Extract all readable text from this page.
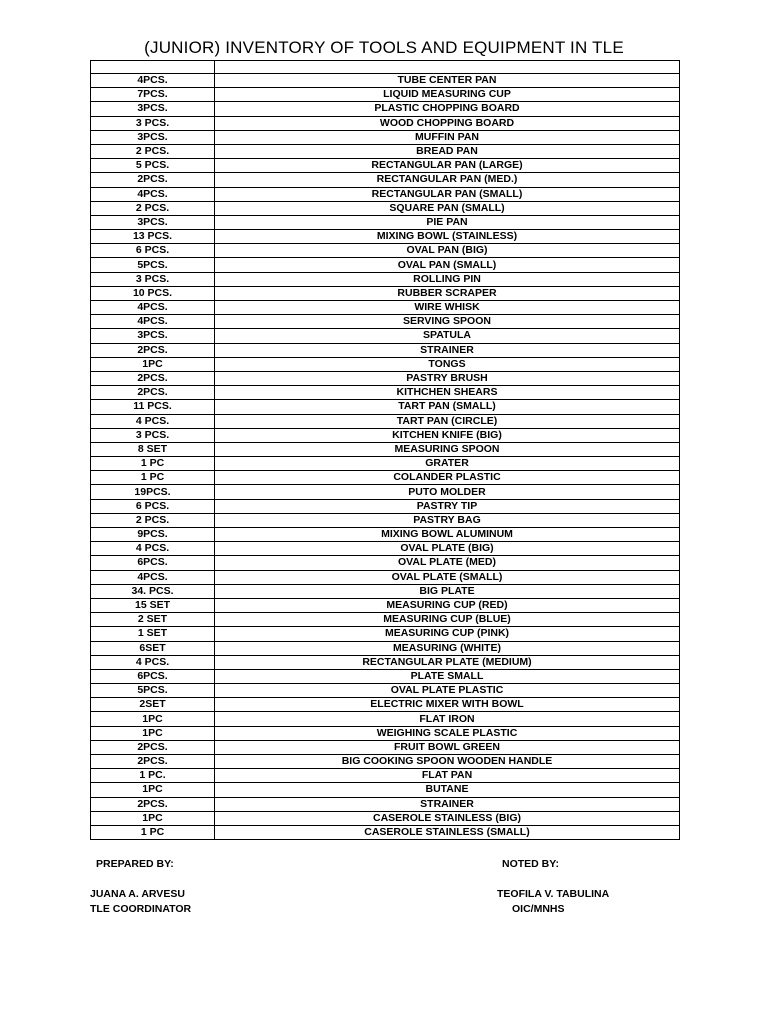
(JUNIOR) INVENTORY OF TOOLS AND EQUIPMENT IN TLE

4PCS.	TUBE CENTER PAN
7PCS.	LIQUID MEASURING CUP
3PCS.	PLASTIC CHOPPING BOARD
3 PCS.	WOOD CHOPPING BOARD
3PCS.	MUFFIN PAN
2 PCS.	BREAD PAN
5 PCS.	RECTANGULAR PAN (LARGE)
2PCS.	RECTANGULAR PAN (MED.)
4PCS.	RECTANGULAR PAN (SMALL)
2 PCS.	SQUARE PAN (SMALL)
3PCS.	PIE PAN
13 PCS.	MIXING BOWL (STAINLESS)
6 PCS.	OVAL PAN (BIG)
5PCS.	OVAL PAN (SMALL)
3 PCS.	ROLLING PIN
10 PCS.	RUBBER SCRAPER
4PCS.	WIRE WHISK
4PCS.	SERVING SPOON
3PCS.	SPATULA
2PCS.	STRAINER
1PC	TONGS
2PCS.	PASTRY BRUSH
2PCS.	KITHCHEN SHEARS
11 PCS.	TART PAN (SMALL)
4 PCS.	TART PAN (CIRCLE)
3 PCS.	KITCHEN KNIFE (BIG)
8 SET	MEASURING SPOON
1 PC	GRATER
1 PC	COLANDER PLASTIC
19PCS.	PUTO MOLDER
6 PCS.	PASTRY TIP
2 PCS.	PASTRY BAG
9PCS.	MIXING BOWL ALUMINUM
4 PCS.	OVAL PLATE (BIG)
6PCS.	OVAL PLATE (MED)
4PCS.	OVAL PLATE (SMALL)
34. PCS.	BIG PLATE
15 SET	MEASURING CUP (RED)
2 SET	MEASURING CUP (BLUE)
1 SET	MEASURING CUP (PINK)
6SET	MEASURING (WHITE)
4 PCS.	RECTANGULAR PLATE (MEDIUM)
6PCS.	PLATE SMALL
5PCS.	OVAL PLATE PLASTIC
2SET	ELECTRIC MIXER WITH BOWL
1PC	FLAT IRON
1PC	WEIGHING SCALE PLASTIC
2PCS.	FRUIT BOWL GREEN
2PCS.	BIG COOKING SPOON WOODEN HANDLE
1 PC.	FLAT PAN
1PC	BUTANE
2PCS.	STRAINER
1PC	CASEROLE STAINLESS (BIG)
1 PC	CASEROLE STAINLESS (SMALL)
PREPARED BY:
JUANA A. ARVESU
TLE COORDINATOR
NOTED BY:
TEOFILA V. TABULINA
OIC/MNHS
